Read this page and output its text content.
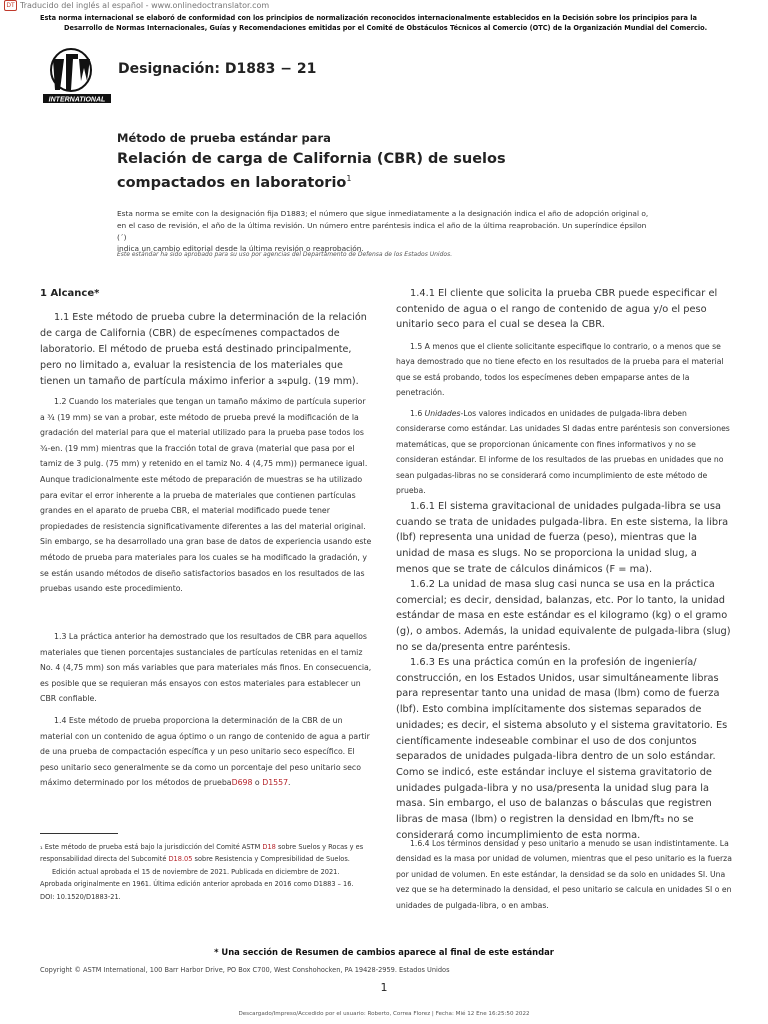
DT Traducido del inglés al español - www.onlinedoctranslator.com
Esta norma internacional se elaboró de conformidad con los principios de normalización reconocidos internacionalmente establecidos en la Decisión sobre los principios para la
Desarrollo de Normas Internacionales, Guías y Recomendaciones emitidas por el Comité de Obstáculos Técnicos al Comercio (OTC) de la Organización Mundial del Comercio.
INTERNATIONAL
Designación: D1883 − 21
Método de prueba estándar para
Relación de carga de California (CBR) de suelos compactados en laboratorio$^1$
Esta norma se emite con la designación fija D1883; el número que sigue inmediatamente a la designación indica el año de adopción original o,
en el caso de revisión, el año de la última revisión. Un número entre paréntesis indica el año de la última reaprobación. Un superíndice épsilon (´)
indica un cambio editorial desde la última revisión o reaprobación.
Este estándar ha sido aprobado para su uso por agencias del Departamento de Defensa de los Estados Unidos.
1 Alcance*

1.1 Este método de prueba cubre la determinación de la relación de carga de California (CBR) de especímenes compactados de laboratorio. El método de prueba está destinado principalmente, pero no limitado a, evaluar la resistencia de los materiales que tienen un tamaño de partícula máximo inferior a 3⁄4pulg. (19 mm).

1.2 Cuando los materiales que tengan un tamaño máximo de partícula superior a ³⁄₄ (19 mm) se van a probar, este método de prueba prevé la modificación de la gradación del material para que el material utilizado para la prueba pase todos los ³⁄₄-en. (19 mm) mientras que la fracción total de grava (material que pasa por el tamiz de 3 pulg. (75 mm) y retenido en el tamiz No. 4 (4,75 mm)) permanece igual. Aunque tradicionalmente este método de preparación de muestras se ha utilizado para evitar el error inherente a la prueba de materiales que contienen partículas grandes en el aparato de prueba CBR, el material modificado puede tener propiedades de resistencia significativamente diferentes a las del material original. Sin embargo, se ha desarrollado una gran base de datos de experiencia usando este método de prueba para materiales para los cuales se ha modificado la gradación, y se están usando métodos de diseño satisfactorios basados en los resultados de las pruebas usando este procedimiento.

1.3 La práctica anterior ha demostrado que los resultados de CBR para aquellos materiales que tienen porcentajes sustanciales de partículas retenidas en el tamiz No. 4 (4,75 mm) son más variables que para materiales más finos. En consecuencia, es posible que se requieran más ensayos con estos materiales para establecer un CBR confiable.

1.4 Este método de prueba proporciona la determinación de la CBR de un material con un contenido de agua óptimo o un rango de contenido de agua a partir de una prueba de compactación específica y un peso unitario seco específico. El peso unitario seco generalmente se da como un porcentaje del peso unitario seco máximo determinado por los métodos de pruebaD698 o D1557.

₁ Este método de prueba está bajo la jurisdicción del Comité ASTM D18 sobre Suelos y Rocas y es responsabilidad directa del Subcomité D18.05 sobre Resistencia y Compresibilidad de Suelos.

Edición actual aprobada el 15 de noviembre de 2021. Publicada en diciembre de 2021. Aprobada originalmente en 1961. Última edición anterior aprobada en 2016 como D1883 – 16. DOI: 10.1520/D1883-21.

1.4.1 El cliente que solicita la prueba CBR puede especificar el contenido de agua o el rango de contenido de agua y/o el peso unitario seco para el cual se desea la CBR.

1.5 A menos que el cliente solicitante especifique lo contrario, o a menos que se haya demostrado que no tiene efecto en los resultados de la prueba para el material que se está probando, todos los especímenes deben empaparse antes de la penetración.

1.6 Unidades-Los valores indicados en unidades de pulgada-libra deben considerarse como estándar. Las unidades SI dadas entre paréntesis son conversiones matemáticas, que se proporcionan únicamente con fines informativos y no se consideran estándar. El informe de los resultados de las pruebas en unidades que no sean pulgadas-libras no se considerará como incumplimiento de este método de prueba.

1.6.1 El sistema gravitacional de unidades pulgada-libra se usa cuando se trata de unidades pulgada-libra. En este sistema, la libra (lbf) representa una unidad de fuerza (peso), mientras que la unidad de masa es slugs. No se proporciona la unidad slug, a menos que se trate de cálculos dinámicos (F = ma).

1.6.2 La unidad de masa slug casi nunca se usa en la práctica comercial; es decir, densidad, balanzas, etc. Por lo tanto, la unidad estándar de masa en este estándar es el kilogramo (kg) o el gramo (g), o ambos. Además, la unidad equivalente de pulgada-libra (slug) no se da/presenta entre paréntesis.

1.6.3 Es una práctica común en la profesión de ingeniería/ construcción, en los Estados Unidos, usar simultáneamente libras para representar tanto una unidad de masa (lbm) como de fuerza (lbf). Esto combina implícitamente dos sistemas separados de unidades; es decir, el sistema absoluto y el sistema gravitatorio. Es científicamente indeseable combinar el uso de dos conjuntos separados de unidades pulgada-libra dentro de un solo estándar. Como se indicó, este estándar incluye el sistema gravitatorio de unidades pulgada-libra y no usa/presenta la unidad slug para la masa. Sin embargo, el uso de balanzas o básculas que registren libras de masa (lbm) o registren la densidad en lbm/ft₃ no se considerará como incumplimiento de esta norma.

1.6.4 Los términos densidad y peso unitario a menudo se usan indistintamente. La densidad es la masa por unidad de volumen, mientras que el peso unitario es la fuerza por unidad de volumen. En este estándar, la densidad se da solo en unidades SI. Una vez que se ha determinado la densidad, el peso unitario se calcula en unidades SI o en unidades de pulgada-libra, o en ambas.

* Una sección de Resumen de cambios aparece al final de este estándar
Copyright © ASTM International, 100 Barr Harbor Drive, PO Box C700, West Conshohocken, PA 19428-2959. Estados Unidos
1
Descargado/Impreso/Accedido por el usuario: Roberto, Correa Florez | Fecha: Mié 12 Ene 16:25:50 2022
